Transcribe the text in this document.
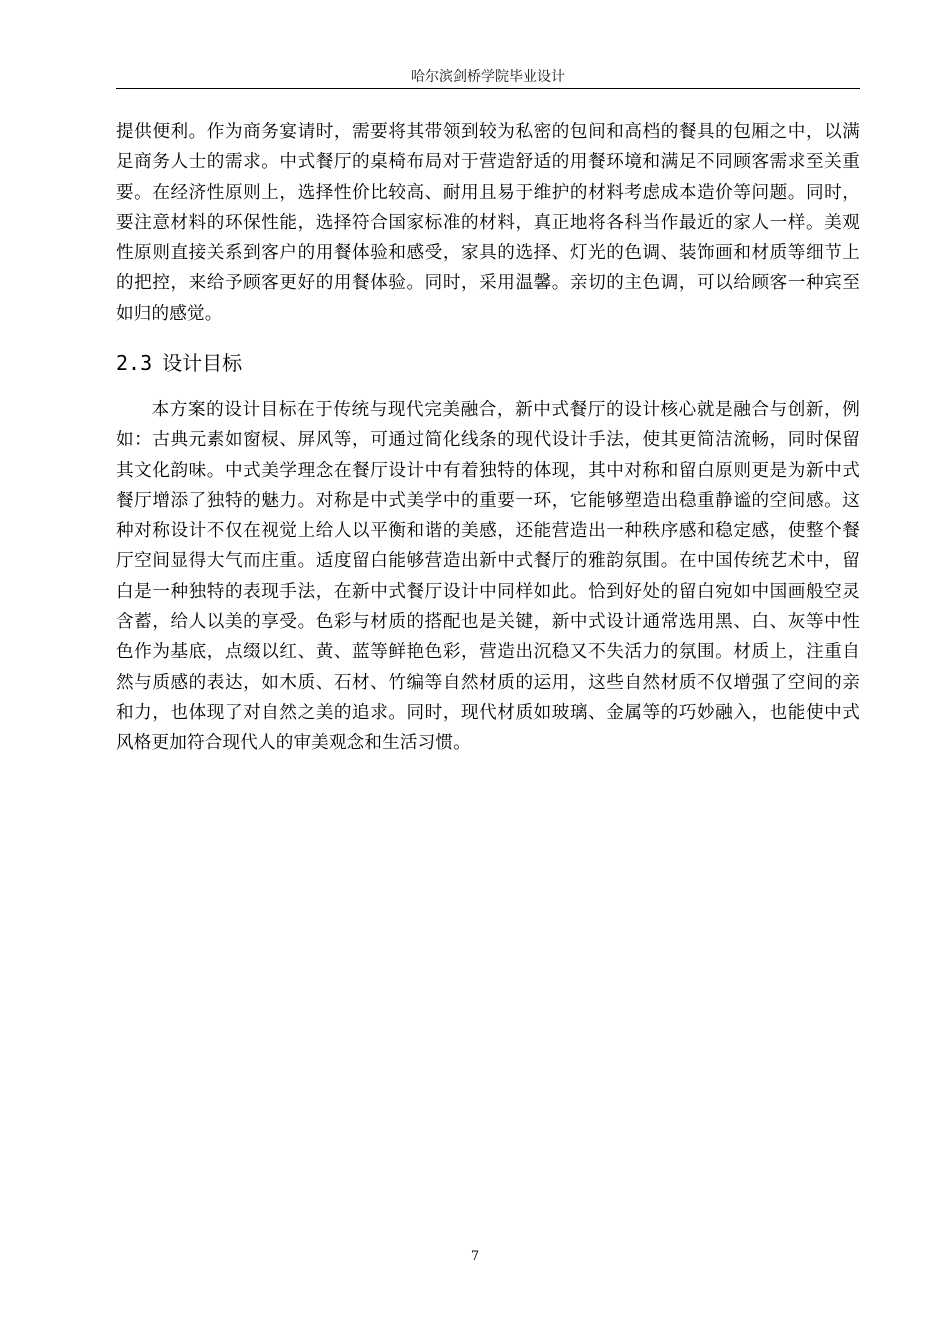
哈尔滨剑桥学院毕业设计

提供便利。作为商务宴请时，需要将其带领到较为私密的包间和高档的餐具的包厢之中，以满足商务人士的需求。中式餐厅的桌椅布局对于营造舒适的用餐环境和满足不同顾客需求至关重要。在经济性原则上，选择性价比较高、耐用且易于维护的材料考虑成本造价等问题。同时，要注意材料的环保性能，选择符合国家标准的材料，真正地将各科当作最近的家人一样。美观性原则直接关系到客户的用餐体验和感受，家具的选择、灯光的色调、装饰画和材质等细节上的把控，来给予顾客更好的用餐体验。同时，采用温馨。亲切的主色调，可以给顾客一种宾至如归的感觉。

2.3 设计目标

本方案的设计目标在于传统与现代完美融合，新中式餐厅的设计核心就是融合与创新，例如：古典元素如窗棂、屏风等，可通过简化线条的现代设计手法，使其更简洁流畅，同时保留其文化韵味。中式美学理念在餐厅设计中有着独特的体现，其中对称和留白原则更是为新中式餐厅增添了独特的魅力。对称是中式美学中的重要一环，它能够塑造出稳重静谧的空间感。这种对称设计不仅在视觉上给人以平衡和谐的美感，还能营造出一种秩序感和稳定感，使整个餐厅空间显得大气而庄重。适度留白能够营造出新中式餐厅的雅韵氛围。在中国传统艺术中，留白是一种独特的表现手法，在新中式餐厅设计中同样如此。恰到好处的留白宛如中国画般空灵含蓄，给人以美的享受。色彩与材质的搭配也是关键，新中式设计通常选用黑、白、灰等中性色作为基底，点缀以红、黄、蓝等鲜艳色彩，营造出沉稳又不失活力的氛围。材质上，注重自然与质感的表达，如木质、石材、竹编等自然材质的运用，这些自然材质不仅增强了空间的亲和力，也体现了对自然之美的追求。同时，现代材质如玻璃、金属等的巧妙融入，也能使中式风格更加符合现代人的审美观念和生活习惯。

7
